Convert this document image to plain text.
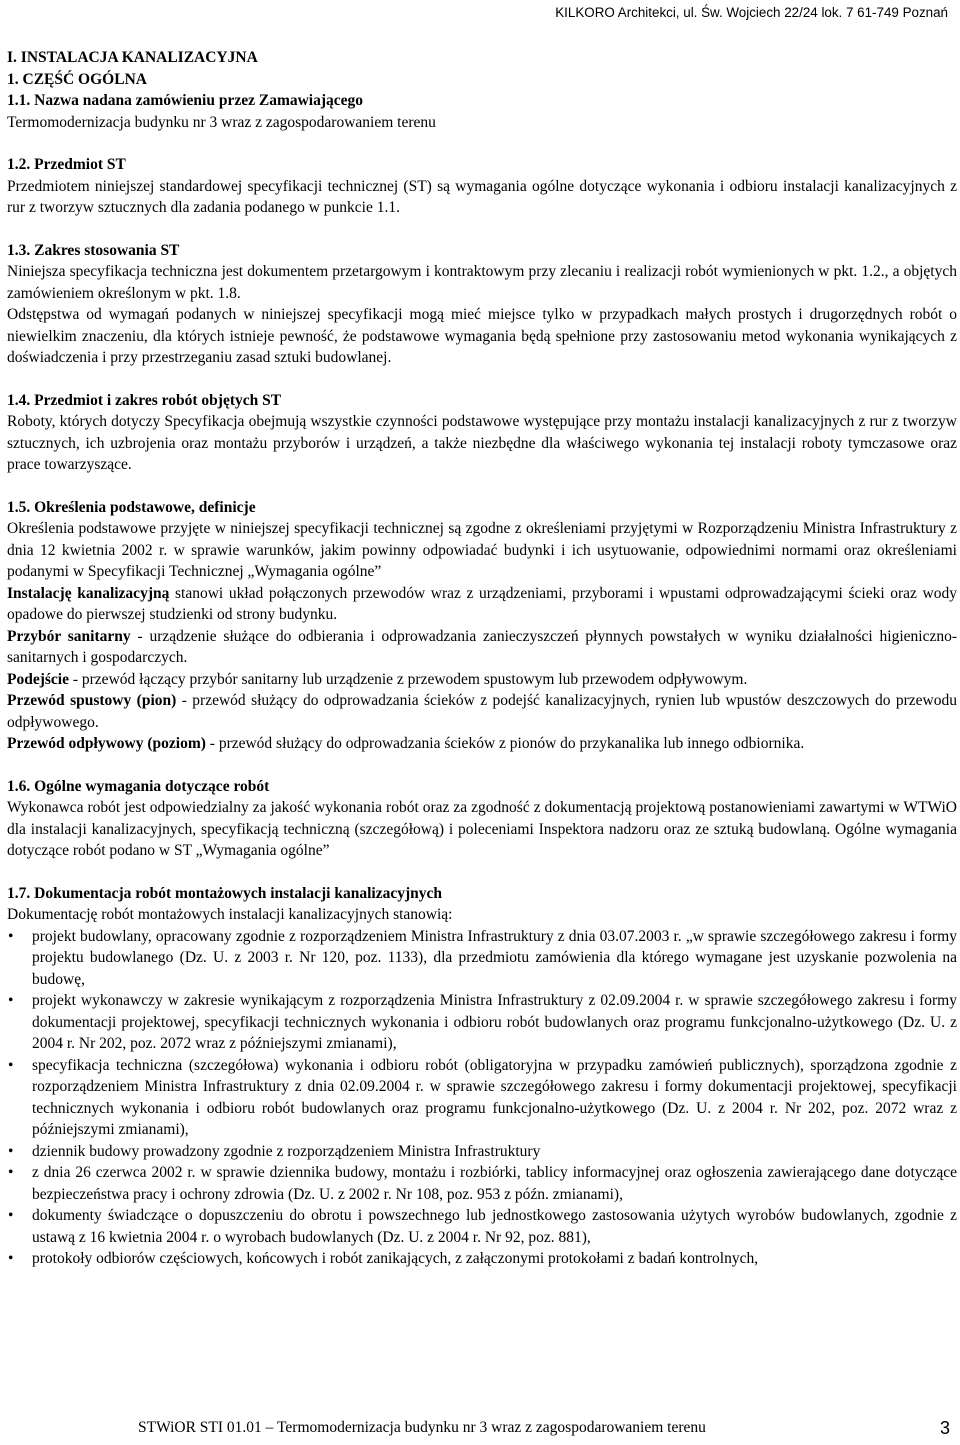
KILKORO Architekci, ul. Św. Wojciech 22/24 lok. 7 61-749 Poznań

I. INSTALACJA KANALIZACYJNA

1. CZĘŚĆ OGÓLNA

1.1. Nazwa nadana zamówieniu przez Zamawiającego

Termomodernizacja budynku nr 3 wraz z zagospodarowaniem terenu

1.2. Przedmiot ST

Przedmiotem niniejszej standardowej specyfikacji technicznej (ST) są wymagania ogólne dotyczące wykonania i odbioru instalacji kanalizacyjnych z rur z tworzyw sztucznych dla zadania podanego w punkcie 1.1.

1.3. Zakres stosowania ST

Niniejsza specyfikacja techniczna jest dokumentem przetargowym i kontraktowym przy zlecaniu i realizacji robót wymienionych w pkt. 1.2., a objętych zamówieniem określonym w pkt. 1.8.

Odstępstwa od wymagań podanych w niniejszej specyfikacji mogą mieć miejsce tylko w przypadkach małych prostych i drugorzędnych robót o niewielkim znaczeniu, dla których istnieje pewność, że podstawowe wymagania będą spełnione przy zastosowaniu metod wykonania wynikających z doświadczenia i przy przestrzeganiu zasad sztuki budowlanej.

1.4. Przedmiot i zakres robót objętych ST

Roboty, których dotyczy Specyfikacja obejmują wszystkie czynności podstawowe występujące przy montażu instalacji kanalizacyjnych z rur z tworzyw sztucznych, ich uzbrojenia oraz montażu przyborów i urządzeń, a także niezbędne dla właściwego wykonania tej instalacji roboty tymczasowe oraz prace towarzyszące.

1.5. Określenia podstawowe, definicje

Określenia podstawowe przyjęte w niniejszej specyfikacji technicznej są zgodne z określeniami przyjętymi w Rozporządzeniu Ministra Infrastruktury z dnia 12 kwietnia 2002 r. w sprawie warunków, jakim powinny odpowiadać budynki i ich usytuowanie, odpowiednimi normami oraz określeniami podanymi w Specyfikacji Technicznej „Wymagania ogólne”

Instalację kanalizacyjną stanowi układ połączonych przewodów wraz z urządzeniami, przyborami i wpustami odprowadzającymi ścieki oraz wody opadowe do pierwszej studzienki od strony budynku.

Przybór sanitarny - urządzenie służące do odbierania i odprowadzania zanieczyszczeń płynnych powstałych w wyniku działalności higieniczno-sanitarnych i gospodarczych.

Podejście - przewód łączący przybór sanitarny lub urządzenie z przewodem spustowym lub przewodem odpływowym.

Przewód spustowy (pion) - przewód służący do odprowadzania ścieków z podejść kanalizacyjnych, rynien lub wpustów deszczowych do przewodu odpływowego.

Przewód odpływowy (poziom) - przewód służący do odprowadzania ścieków z pionów do przykanalika lub innego odbiornika.

1.6. Ogólne wymagania dotyczące robót

Wykonawca robót jest odpowiedzialny za jakość wykonania robót oraz za zgodność z dokumentacją projektową postanowieniami zawartymi w WTWiO dla instalacji kanalizacyjnych, specyfikacją techniczną (szczegółową) i poleceniami Inspektora nadzoru oraz ze sztuką budowlaną. Ogólne wymagania dotyczące robót podano w ST „Wymagania ogólne”

1.7. Dokumentacja robót montażowych instalacji kanalizacyjnych

Dokumentację robót montażowych instalacji kanalizacyjnych stanowią:

• projekt budowlany, opracowany zgodnie z rozporządzeniem Ministra Infrastruktury z dnia 03.07.2003 r. „w sprawie szczegółowego zakresu i formy projektu budowlanego (Dz. U. z 2003 r. Nr 120, poz. 1133), dla przedmiotu zamówienia dla którego wymagane jest uzyskanie pozwolenia na budowę,
• projekt wykonawczy w zakresie wynikającym z rozporządzenia Ministra Infrastruktury z 02.09.2004 r. w sprawie szczegółowego zakresu i formy dokumentacji projektowej, specyfikacji technicznych wykonania i odbioru robót budowlanych oraz programu funkcjonalno-użytkowego (Dz. U. z 2004 r. Nr 202, poz. 2072 wraz z późniejszymi zmianami),
• specyfikacja techniczna (szczegółowa) wykonania i odbioru robót (obligatoryjna w przypadku zamówień publicznych), sporządzona zgodnie z rozporządzeniem Ministra Infrastruktury z dnia 02.09.2004 r. w sprawie szczegółowego zakresu i formy dokumentacji projektowej, specyfikacji technicznych wykonania i odbioru robót budowlanych oraz programu funkcjonalno-użytkowego (Dz. U. z 2004 r. Nr 202, poz. 2072 wraz z późniejszymi zmianami),
• dziennik budowy prowadzony zgodnie z rozporządzeniem Ministra Infrastruktury
• z dnia 26 czerwca 2002 r. w sprawie dziennika budowy, montażu i rozbiórki, tablicy informacyjnej oraz ogłoszenia zawierającego dane dotyczące bezpieczeństwa pracy i ochrony zdrowia (Dz. U. z 2002 r. Nr 108, poz. 953 z późn. zmianami),
• dokumenty świadczące o dopuszczeniu do obrotu i powszechnego lub jednostkowego zastosowania użytych wyrobów budowlanych, zgodnie z ustawą z 16 kwietnia 2004 r. o wyrobach budowlanych (Dz. U. z 2004 r. Nr 92, poz. 881),
• protokoły odbiorów częściowych, końcowych i robót zanikających, z załączonymi protokołami z badań kontrolnych,
STWiOR STI 01.01 – Termomodernizacja budynku nr 3 wraz z zagospodarowaniem terenu	3
